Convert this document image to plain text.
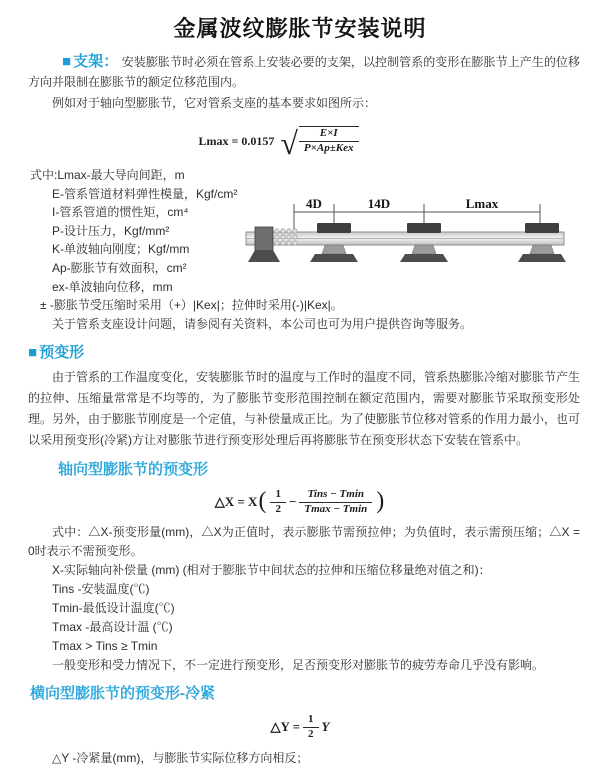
金属波纹膨胀节安装说明

■ 支架： 安装膨胀节时必须在管系上安装必要的支架，以控制管系的变形在膨胀节上产生的位移方向并限制在膨胀节的额定位移范围内。

例如对于轴向型膨胀节，它对管系支座的基本要求如图所示：

Lmax = 0.0157 √ $\frac{E\times I}{\text{P×Ap±Kex}}$
式中:Lmax-最大导向间距，m
E-管系管道材料弹性模量，Kgf/cm²
I-管系管道的惯性矩，cm⁴
P-设计压力，Kgf/mm²
K-单波轴向刚度；Kgf/mm
Ap-膨胀节有效面积，cm²
ex-单波轴向位移，mm
± -膨胀节受压缩时采用（+）|Kex|；拉伸时采用(-)|Kex|。
关于管系支座设计问题，请参阅有关资料，本公司也可为用户提供咨询等服务。
4D	14D	Lmax
■ 预变形

由于管系的工作温度变化，安装膨胀节时的温度与工作时的温度不同，管系热膨胀冷缩对膨胀节产生的拉伸、压缩量常常是不均等的，为了膨胀节变形范围控制在额定范围内，需要对膨胀节采取预变形处理。另外，由于膨胀节刚度是一个定值，与补偿量成正比。为了使膨胀节位移对管系的作用力最小，也可以采用预变形(冷紧)方让对膨胀节进行预变形处理后再将膨胀节在预变形状态下安装在管系中。

轴向型膨胀节的预变形
△X = X ( $\frac{1}{2} - \frac{\text{Tins − Tmin}}{Tmax - Tmin}$ )

式中：△X-预变形量(mm)，△X为正值时，表示膨胀节需预拉伸；为负值时，表示需预压缩；△X = 0时表示不需预变形。

X-实际轴向补偿量 (mm) (相对于膨胀节中间状态的拉伸和压缩位移量绝对值之和)：

Tins -安装温度(℃)

Tmin-最低设计温度(℃)

Tmax -最高设计温 (℃)

Tmax > Tins ≥ Tmin

一般变形和受力情况下，不一定进行预变形，足否预变形对膨胀节的疲劳寿命几乎没有影响。

横向型膨胀节的预变形-冷紧
△Y = $\frac{1}{2}$ Y

△Y -冷紧量(mm)，与膨胀节实际位移方向相反；
